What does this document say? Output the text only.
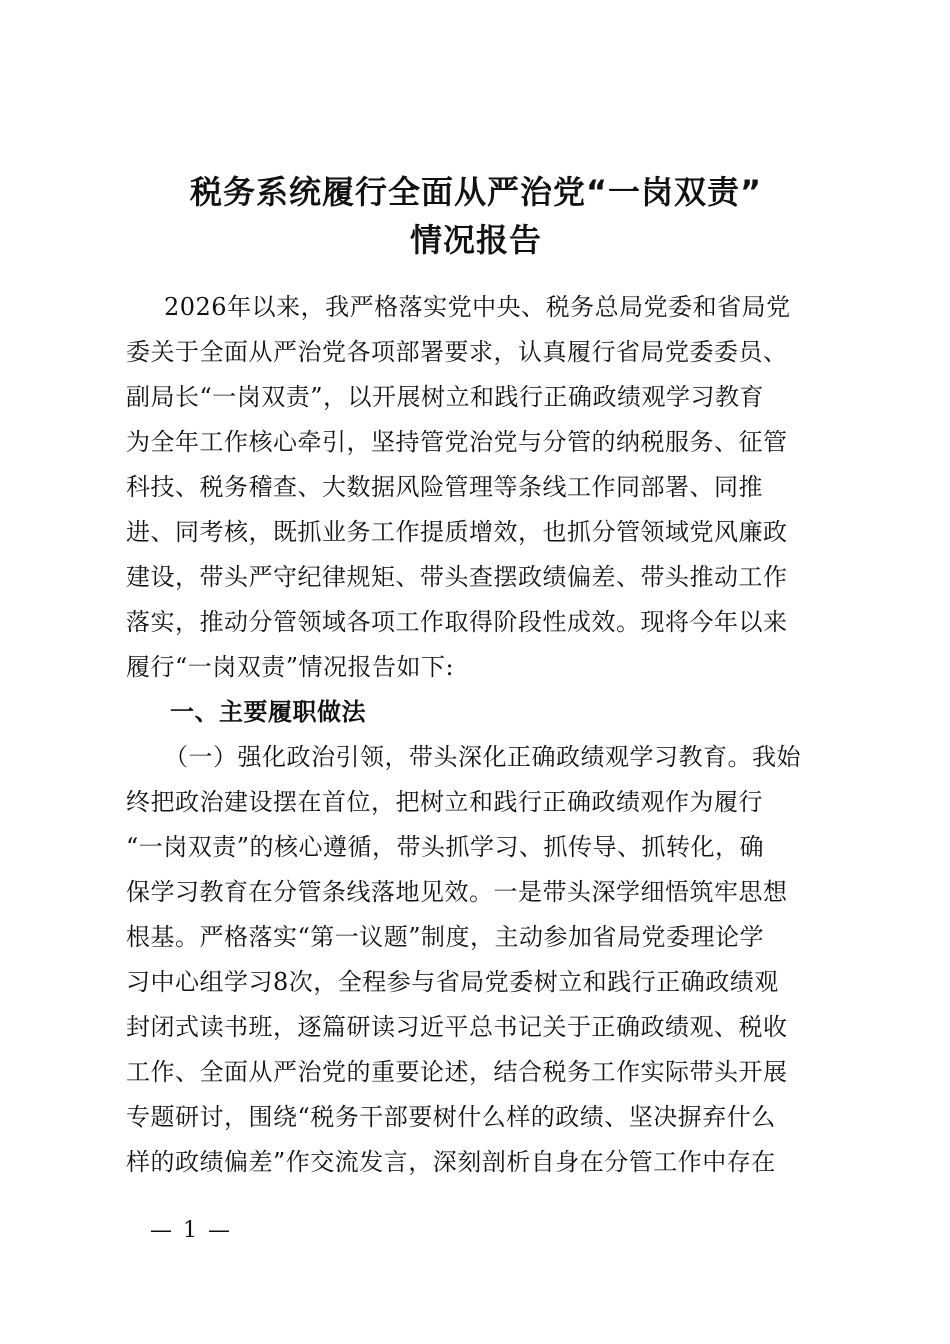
税务系统履行全面从严治党“一岗双责”
情况报告
2026年以来，我严格落实党中央、税务总局党委和省局党
委关于全面从严治党各项部署要求，认真履行省局党委委员、
副局长“一岗双责”，以开展树立和践行正确政绩观学习教育
为全年工作核心牵引，坚持管党治党与分管的纳税服务、征管
科技、税务稽查、大数据风险管理等条线工作同部署、同推
进、同考核，既抓业务工作提质增效，也抓分管领域党风廉政
建设，带头严守纪律规矩、带头查摆政绩偏差、带头推动工作
落实，推动分管领域各项工作取得阶段性成效。现将今年以来
履行“一岗双责”情况报告如下:
一、主要履职做法
（一）强化政治引领，带头深化正确政绩观学习教育。我始
终把政治建设摆在首位，把树立和践行正确政绩观作为履行
“一岗双责”的核心遵循，带头抓学习、抓传导、抓转化，确
保学习教育在分管条线落地见效。一是带头深学细悟筑牢思想
根基。严格落实“第一议题”制度，主动参加省局党委理论学
习中心组学习8次，全程参与省局党委树立和践行正确政绩观
封闭式读书班，逐篇研读习近平总书记关于正确政绩观、税收
工作、全面从严治党的重要论述，结合税务工作实际带头开展
专题研讨，围绕“税务干部要树什么样的政绩、坚决摒弃什么
样的政绩偏差”作交流发言，深刻剖析自身在分管工作中存在
— 1 —
